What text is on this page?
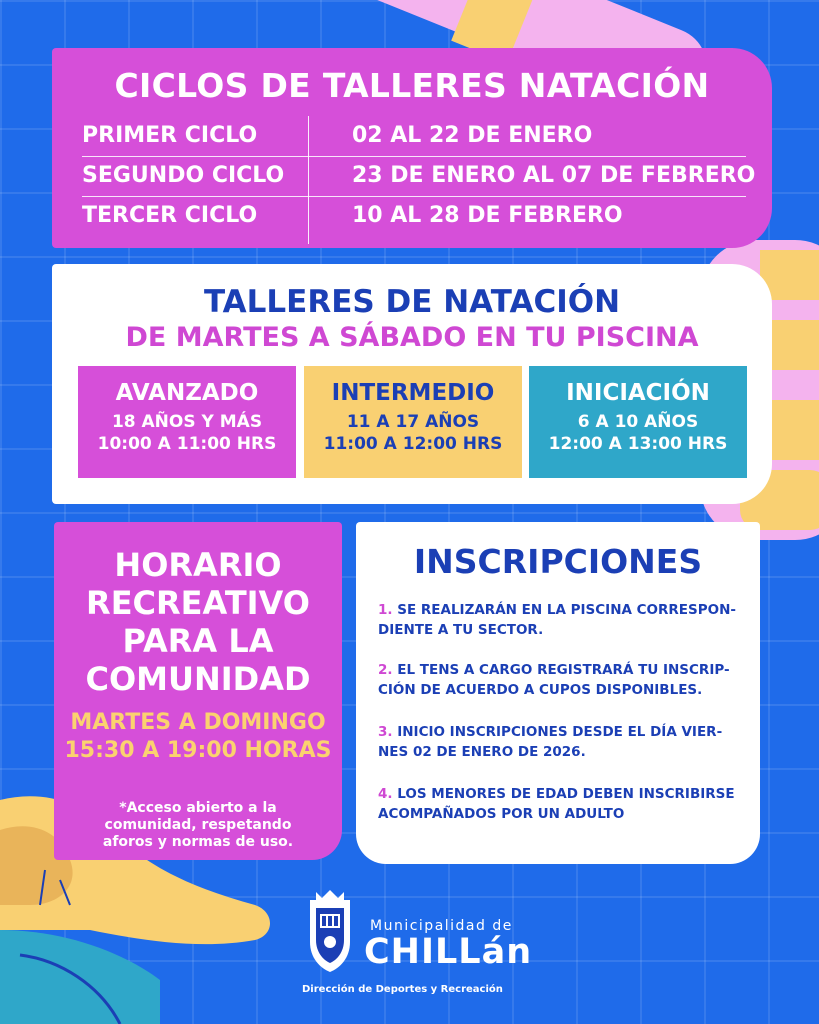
CICLOS DE TALLERES NATACIÓN
PRIMER CICLO	02 AL 22 DE ENERO
SEGUNDO CICLO	23 DE ENERO AL 07 DE FEBRERO
TERCER CICLO	10 AL 28 DE FEBRERO
TALLERES DE NATACIÓN
DE MARTES A SÁBADO EN TU PISCINA
AVANZADO
18 AÑOS Y MÁS
10:00 A 11:00 HRS
INTERMEDIO
11 A 17 AÑOS
11:00 A 12:00 HRS
INICIACIÓN
6 A 10 AÑOS
12:00 A 13:00 HRS
HORARIO
RECREATIVO
PARA LA
COMUNIDAD
MARTES A DOMINGO
15:30 A 19:00 HORAS
*Acceso abierto a la
comunidad, respetando
aforos y normas de uso.
INSCRIPCIONES
1. SE REALIZARÁN EN LA PISCINA CORRESPON-
DIENTE A TU SECTOR.
2. EL TENS A CARGO REGISTRARÁ TU INSCRIP-
CIÓN DE ACUERDO A CUPOS DISPONIBLES.
3. INICIO INSCRIPCIONES DESDE EL DÍA VIER-
NES 02 DE ENERO DE 2026.
4. LOS MENORES DE EDAD DEBEN INSCRIBIRSE
ACOMPAÑADOS POR UN ADULTO
Municipalidad de
CHILLán
Dirección de Deportes y Recreación
